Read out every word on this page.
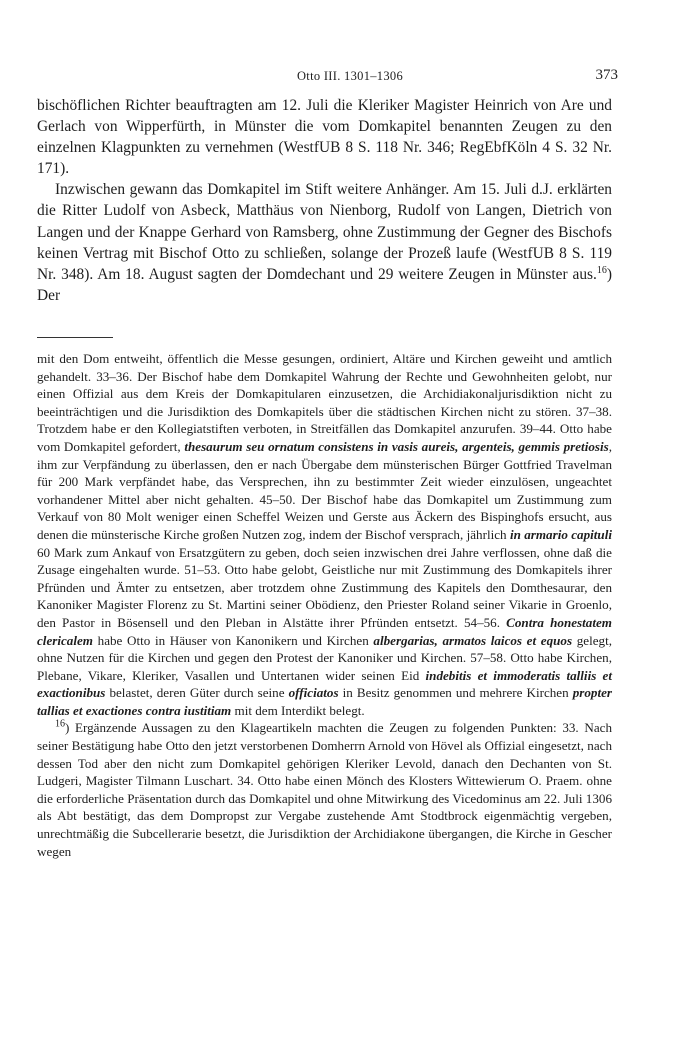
Otto III. 1301–1306	373

bischöflichen Richter beauftragten am 12. Juli die Kleriker Magister Heinrich von Are und Gerlach von Wipperfürth, in Münster die vom Domkapitel benannten Zeugen zu den einzelnen Klagpunkten zu vernehmen (WestfUB 8 S. 118 Nr. 346; RegEbfKöln 4 S. 32 Nr. 171).

Inzwischen gewann das Domkapitel im Stift weitere Anhänger. Am 15. Juli d.J. erklärten die Ritter Ludolf von Asbeck, Matthäus von Nienborg, Rudolf von Langen, Dietrich von Langen und der Knappe Gerhard von Ramsberg, ohne Zustimmung der Gegner des Bischofs keinen Vertrag mit Bischof Otto zu schließen, solange der Prozeß laufe (WestfUB 8 S. 119 Nr. 348). Am 18. August sagten der Domdechant und 29 weitere Zeugen in Münster aus.$^{16}$) Der

mit den Dom entweiht, öffentlich die Messe gesungen, ordiniert, Altäre und Kirchen geweiht und amtlich gehandelt. 33–36. Der Bischof habe dem Domkapitel Wahrung der Rechte und Gewohnheiten gelobt, nur einen Offizial aus dem Kreis der Domkapitularen einzusetzen, die Archidiakonaljurisdiktion nicht zu beeinträchtigen und die Jurisdiktion des Domkapitels über die städtischen Kirchen nicht zu stören. 37–38. Trotzdem habe er den Kollegiatstiften verboten, in Streitfällen das Domkapitel anzurufen. 39–44. Otto habe vom Domkapitel gefordert, thesaurum seu ornatum consistens in vasis aureis, argenteis, gemmis pretiosis, ihm zur Verpfändung zu überlassen, den er nach Übergabe dem münsterischen Bürger Gottfried Travelman für 200 Mark verpfändet habe, das Versprechen, ihn zu bestimmter Zeit wieder einzulösen, ungeachtet vorhandener Mittel aber nicht gehalten. 45–50. Der Bischof habe das Domkapitel um Zustimmung zum Verkauf von 80 Molt weniger einen Scheffel Weizen und Gerste aus Äckern des Bispinghofs ersucht, aus denen die münsterische Kirche großen Nutzen zog, indem der Bischof versprach, jährlich in armario capituli 60 Mark zum Ankauf von Ersatzgütern zu geben, doch seien inzwischen drei Jahre verflossen, ohne daß die Zusage eingehalten wurde. 51–53. Otto habe gelobt, Geistliche nur mit Zustimmung des Domkapitels ihrer Pfründen und Ämter zu entsetzen, aber trotzdem ohne Zustimmung des Kapitels den Domthesaurar, den Kanoniker Magister Florenz zu St. Martini seiner Obödienz, den Priester Roland seiner Vikarie in Groenlo, den Pastor in Bösensell und den Pleban in Alstätte ihrer Pfründen entsetzt. 54–56. Contra honestatem clericalem habe Otto in Häuser von Kanonikern und Kirchen albergarias, armatos laicos et equos gelegt, ohne Nutzen für die Kirchen und gegen den Protest der Kanoniker und Kirchen. 57–58. Otto habe Kirchen, Plebane, Vikare, Kleriker, Vasallen und Untertanen wider seinen Eid indebitis et immoderatis talliis et exactionibus belastet, deren Güter durch seine officiatos in Besitz genommen und mehrere Kirchen propter tallias et exactiones contra iustitiam mit dem Interdikt belegt.

$^{16}$) Ergänzende Aussagen zu den Klageartikeln machten die Zeugen zu folgenden Punkten: 33. Nach seiner Bestätigung habe Otto den jetzt verstorbenen Domherrn Arnold von Hövel als Offizial eingesetzt, nach dessen Tod aber den nicht zum Domkapitel gehörigen Kleriker Levold, danach den Dechanten von St. Ludgeri, Magister Tilmann Luschart. 34. Otto habe einen Mönch des Klosters Wittewierum O. Praem. ohne die erforderliche Präsentation durch das Domkapitel und ohne Mitwirkung des Vicedominus am 22. Juli 1306 als Abt bestätigt, das dem Dompropst zur Vergabe zustehende Amt Stodtbrock eigenmächtig vergeben, unrechtmäßig die Subcellerarie besetzt, die Jurisdiktion der Archidiakone übergangen, die Kirche in Gescher wegen
